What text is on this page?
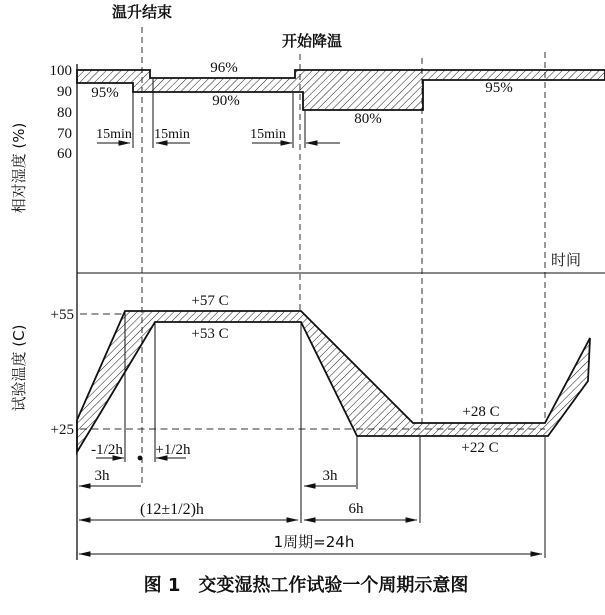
温升结束
开始降温
100
90
80
70
60
相对湿度 (%)
95%
96%
90%
80%
95%
15min 15min	15min
时间
+55
+25
试验温度 (C)
+57 C
+53 C
+28 C
+22 C
-1/2h +1/2h
3h	3h
(12±1/2)h	6h
1周期=24h
图 1　交变湿热工作试验一个周期示意图
